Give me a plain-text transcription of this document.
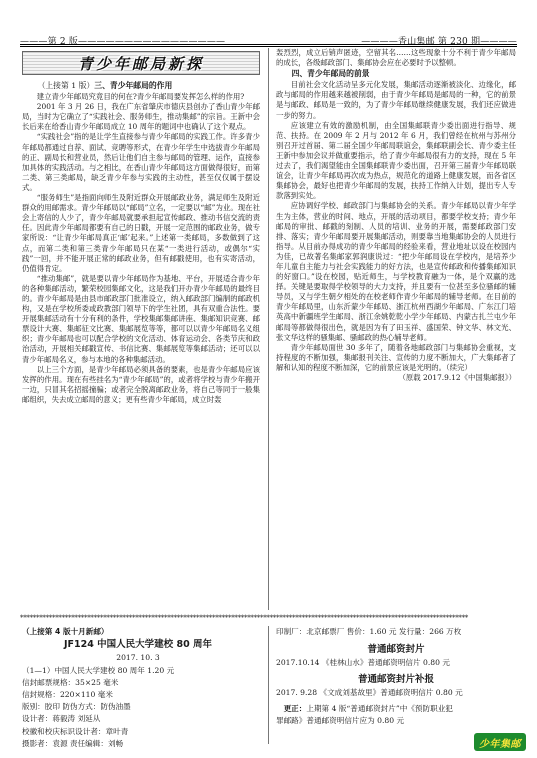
———第 2 版————————————————	————香山集邮 第 230 期————
青少年邮局新探
（上接第 1 版）三、青少年邮局的作用

建立青少年邮局究竟目的何在?青少年邮局要发挥怎么样的作用?

2001 年 3 月 26 日，我在广东省肇庆市德庆县创办了香山青少年邮局，当时为它确立了“实践社会、服务师生，推动集邮”的宗旨。王新中会长后来在给香山青少年邮局成立 10 周年的题词中也确认了这个观点。

“实践社会”指的是让学生直接参与青少年邮局的实践工作。许多青少年邮局都通过自荐、面试、竞聘等形式，在青少年学生中选拔青少年邮局的正、副局长和营业员，然后让他们自主参与邮局的管理、运作，直接参加具体的实践活动。与之相比，在香山青少年邮局这方面做得很好，而第二类、第三类邮局，缺乏青少年参与实践的主动性，甚至仅仅属于摆设式。

“服务师生”是指面向师生及附近群众开展邮政业务，满足师生及附近群众的用邮需求。青少年邮局以“邮局”立名，一定要以“邮”为业。现在社会上寄信的人少了，青少年邮局就要承担起宣传邮政、推动书信交流的责任。因此青少年邮局都要有自己的日戳，开展一定范围的邮政业务，做专家所说：“让青少年邮局真正‘邮’起来。”上述第一类邮局，多数做到了这点，而第二类和第三类青少年邮局只在某“一类进行活动，或偶尔“实践”一回，并不能开展正常的邮政业务，但有邮戳使用，也有实寄活动，仍值得肯定。

“推动集邮”，就是要以青少年邮局作为基地、平台，开展适合青少年的各种集邮活动，繁荣校园集邮文化，这是我们开办青少年邮局的最终目的。青少年邮局是由县市邮政部门批准设立，纳入邮政部门编制的邮政机构，又是在学校所委或政教部门领导下的学生社团，具有双重合法性。要开展集邮活动有十分有利的条件，学校集邮集邮讲座、集邮知识竞赛、邮票设计大赛、集邮征文比赛、集邮展览等等，都可以以青少年邮局名义组织；青少年邮局也可以配合学校的文化活动、体育运动会、各类节庆和政治活动，开展相关邮戳宣传、书信比赛、集邮展览等集邮活动；还可以以青少年邮局名义，参与本地的各种集邮活动。

以上三个方面，是青少年邮局必须具备的要素，也是青少年邮局应该发挥的作用。现在有些挂名为“青少年邮局”的，或者将学校与青少年搬开一边，只冒其名招摇撞骗；或者完全脱离邮政业务，将自己等同于一般集邮组织，失去成立邮局的意义；更有些青少年邮局，成立时轰

轰烈烈，成立后销声匿迹，空留其名……这些现象十分不利于青少年邮局的成长，各级邮政部门、集邮协会应在必要时予以整顿。

四、青少年邮局的前景

目前社会文化活动呈多元化发展，集邮活动逐渐被淡化、边缘化，邮政与邮局的作用越来越被削弱，由于青少年邮局是邮局的一种，它的前景是与邮政、邮局是一致的，为了青少年邮局继续健康发展，我们还应做进一步的努力。

应该建立有效的激励机制，由全国集邮联青少委出面进行指导、规范、扶持。在 2009 年 2 月与 2012 年 6 月，我们曾经在杭州与苏州分别召开过首届、第二届全国少年邮局联谊会，集邮联副会长、青少委主任王新中参加会议并做重要指示，给了青少年邮局很有力的支持，现在 5 年过去了，我们渴望能由全国集邮联青少委出面，召开第三届青少年邮局联谊会，让青少年邮局再次成为热点，规范化的道路上健康发展，而各省区集邮协会，最好也把青少年邮局的发展，扶持工作纳入计划，提出专人专款落到实处。

应协调好学校、邮政部门与集邮协会的关系。青少年邮局以青少年学生为主体，营业的时间、地点，开展的活动项目，都要学校支持；青少年邮局的审批、邮戳的刻制、人员的培训、业务的开展，需要邮政部门安排、落实；青少年邮局要开展集邮活动，则要靠当地集邮协会的人员进行指导。从目前办得成功的青少年邮局的经验来看，营业地址以设在校园内为佳，已故著名集邮家郭润康说过：“把少年邮局设在学校内，是培养少年儿童自主能力与社会实践能力的好方法，也是宣传邮政和传播集邮知识的好窗口。”设在校园，贴近师生，与学校教育融为一体，是个双赢的选择。关键是要取得学校领导的大力支持，并且要有一位甚至多位骚邮的辅导员，又与学生朝夕相处的在校老师作青少年邮局的辅导老师。在目前的青少年邮局里，山东沂蒙少年邮局、浙江杭州西湖少年邮局、广东江门培英高中新疆班学生邮局、浙江余姚乾乾小学少年邮局、内蒙古扎兰屯少年邮局等都做得很出色，就是因为有了田玉祥、盛国荣、钟文华、林文光、张文华这样的骚集邮、骚邮政的热心辅导老师。

青少年邮局面世 30 多年了，随着各地邮政部门与集邮协会重视，支持程度的不断加强，集邮报刊关注、宣传的力度不断加大，广大集邮者了解和认知的程度不断加深，它的前景应该是光明的。（续完）

（原载 2017.9.12《中国集邮报》）

********************************************************************************************************************************************

（上接第 4 版十月新邮）

JF124 中国人民大学建校 80 周年

2017. 10. 3

（1—1）中国人民大学建校 80 周年 1.20 元

信封邮票规格：35×25 毫米

信封规格：220×110 毫米

版别：胶印 防伪方式：防伪油墨

设计者：蒋毅涛 刘延从

校徽和校庆标识设计者：章叶青

摄影者：袁源 责任编辑：刘畅

印制厂：北京邮票厂 售价：1.60 元 发行量：266 万枚

普通邮资封片

2017.10.14 《桂林山水》普通邮资明信片 0.80 元

普通邮资封片补报

2017. 9.28 《文成刘基故里》普通邮资明信片 0.80 元

更正：上期第 4 版“普通邮资封片”中《预防职业犯

罪邮路》普通邮资明信片应为 0.80 元

少年集邮
